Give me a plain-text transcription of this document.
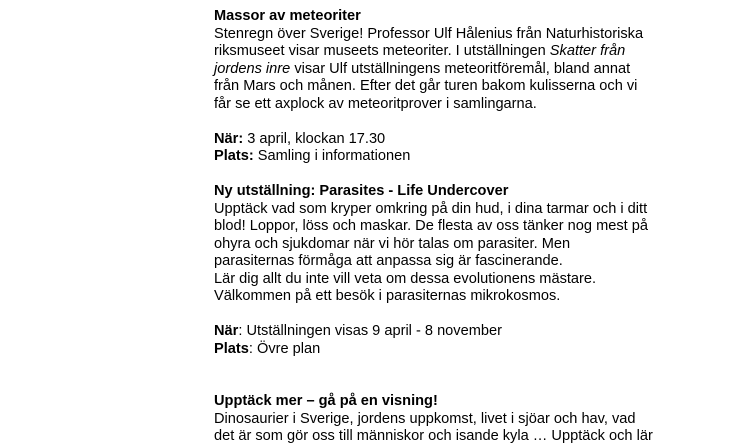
Massor av meteoriter
Stenregn över Sverige! Professor Ulf Hålenius från Naturhistoriska
riksmuseet visar museets meteoriter. I utställningen Skatter från
jordens inre visar Ulf utställningens meteoritföremål, bland annat
från Mars och månen. Efter det går turen bakom kulisserna och vi
får se ett axplock av meteoritprover i samlingarna.
När: 3 april, klockan 17.30
Plats: Samling i informationen
Ny utställning: Parasites - Life Undercover
Upptäck vad som kryper omkring på din hud, i dina tarmar och i ditt
blod! Loppor, löss och maskar. De flesta av oss tänker nog mest på
ohyra och sjukdomar när vi hör talas om parasiter. Men
parasiternas förmåga att anpassa sig är fascinerande.
Lär dig allt du inte vill veta om dessa evolutionens mästare.
Välkommen på ett besök i parasiternas mikrokosmos.
När: Utställningen visas 9 april - 8 november
Plats: Övre plan
Upptäck mer – gå på en visning!
Dinosaurier i Sverige, jordens uppkomst, livet i sjöar och hav, vad
det är som gör oss till människor och isande kyla … Upptäck och lär
